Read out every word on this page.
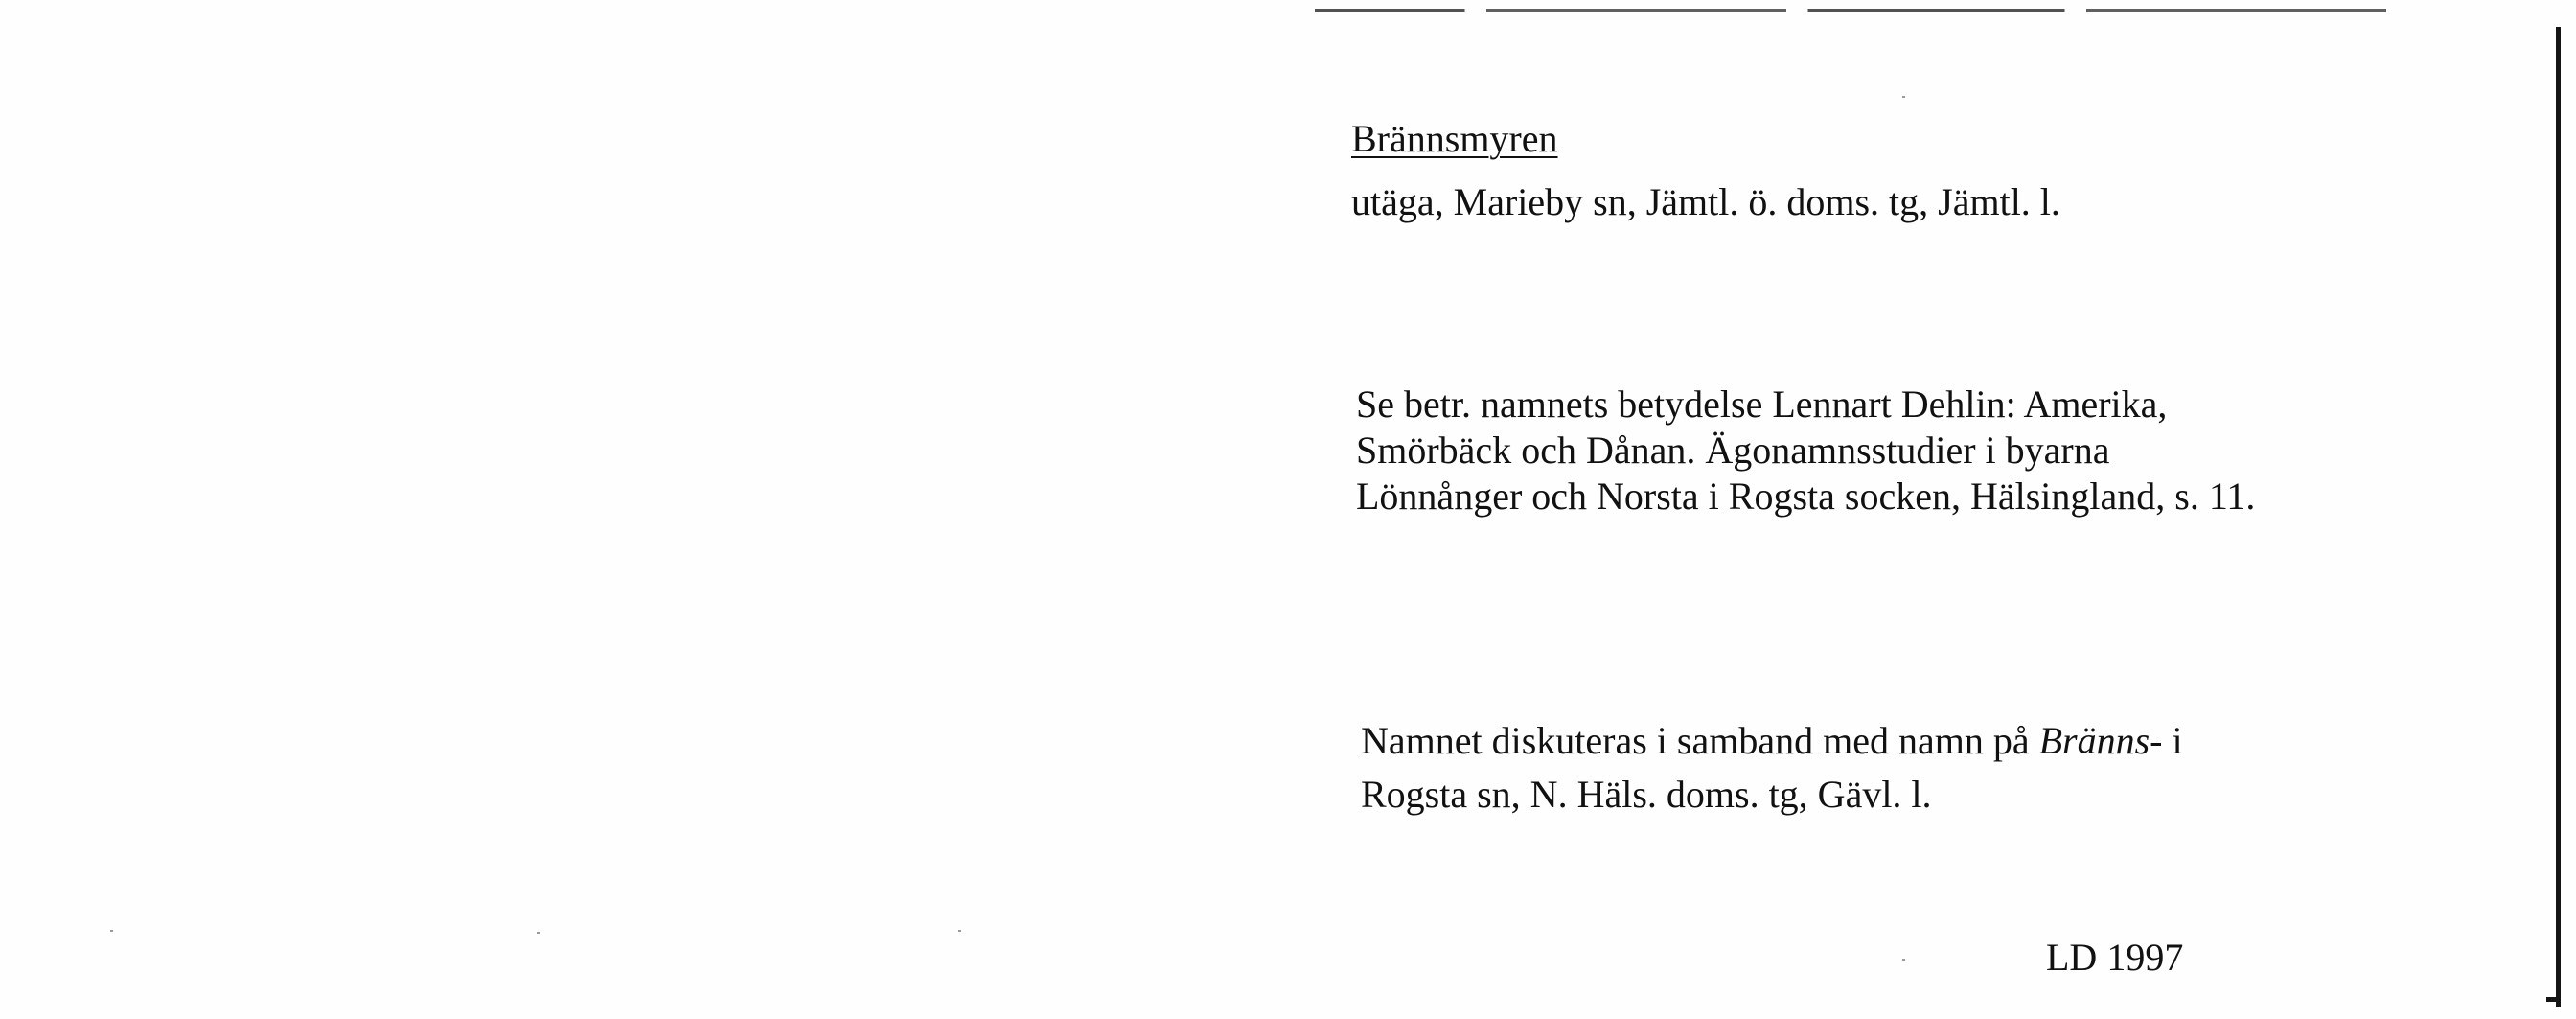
Brännsmyren
utäga, Marieby sn, Jämtl. ö. doms. tg, Jämtl. l.
Se betr. namnets betydelse Lennart Dehlin: Amerika,
Smörbäck och Dånan. Ägonamnsstudier i byarna
Lönnånger och Norsta i Rogsta socken, Hälsingland, s. 11.
Namnet diskuteras i samband med namn på Bränns- i
Rogsta sn, N. Häls. doms. tg, Gävl. l.
LD 1997
